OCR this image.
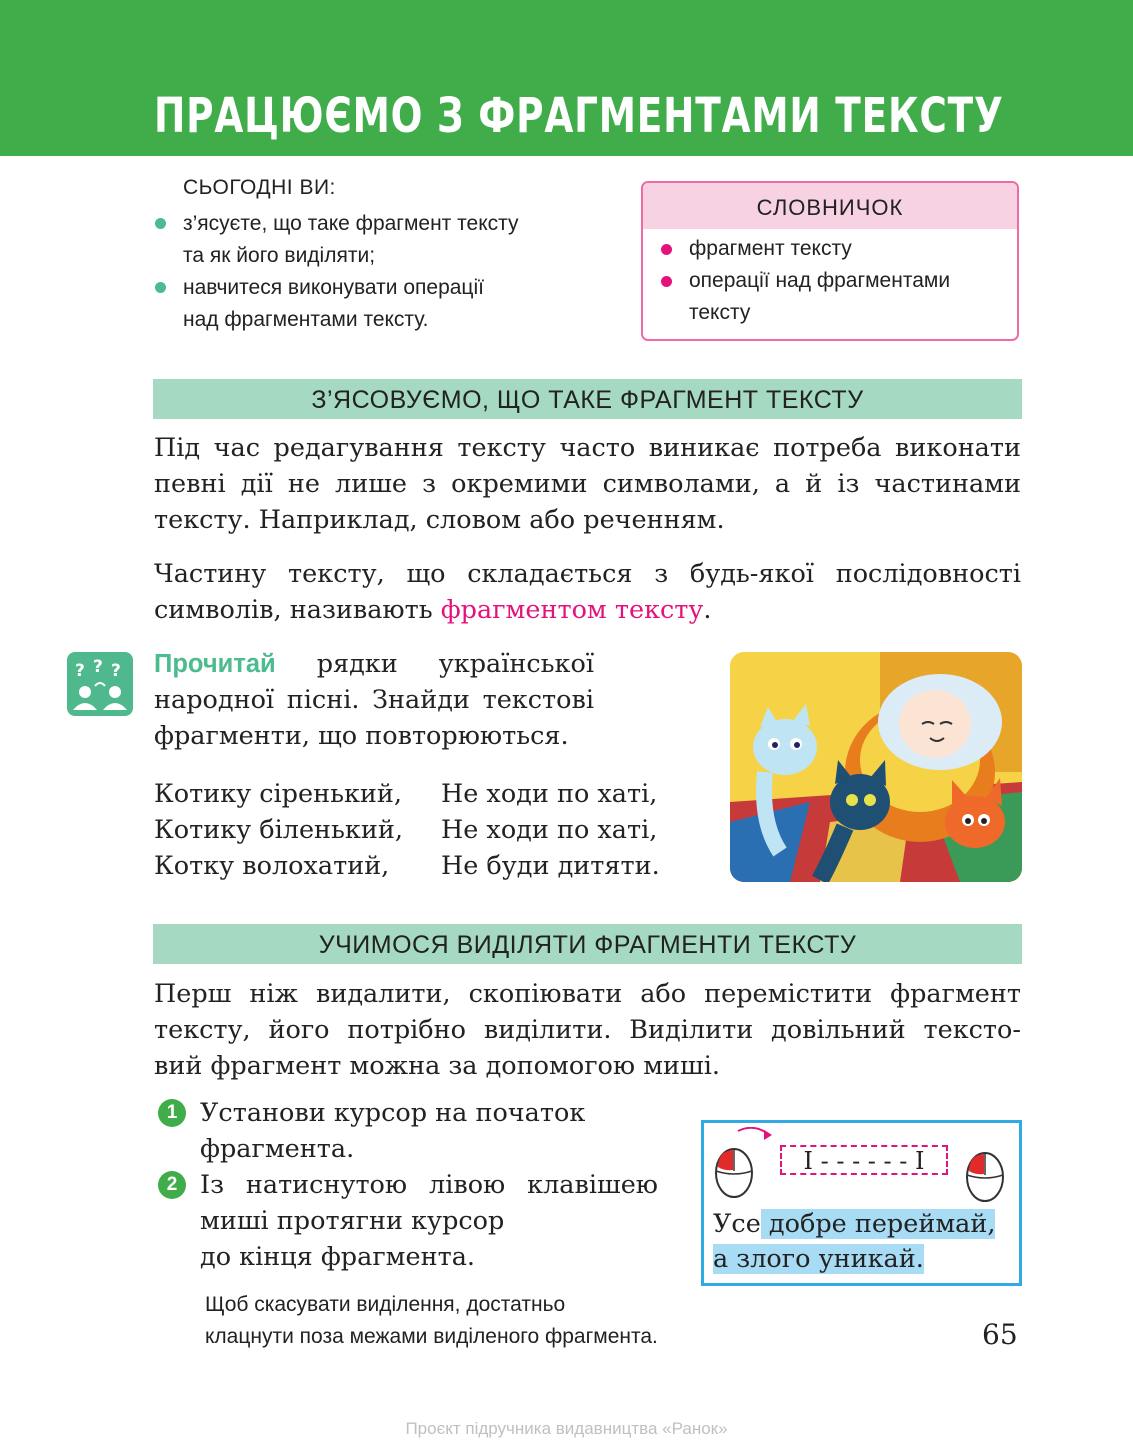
ПРАЦЮЄМО З ФРАГМЕНТАМИ ТЕКСТУ
СЬОГОДНІ ВИ:
з’ясуєте, що таке фрагмент тексту
та як його виділяти;
навчитеся виконувати операції
над фрагментами тексту.
СЛОВНИЧОК
фрагмент тексту
операції над фрагментами
тексту
З’ЯСОВУЄМО, ЩО ТАКЕ ФРАГМЕНТ ТЕКСТУ
Під час редагування тексту часто виникає потреба виконати
певні дії не лише з окремими символами, а й із частинами
тексту. Наприклад, словом або реченням.
Частину тексту, що складається з будь-якої послідовності
символів, називають фрагментом тексту.
? ? ? Прочитай рядки української
народної пісні. Знайди текстові
фрагменти, що повторюються.
Котику сіренький, Не ходи по хаті,
Котику біленький, Не ходи по хаті,
Котку волохатий, Не буди дитяти.
УЧИМОСЯ ВИДІЛЯТИ ФРАГМЕНТИ ТЕКСТУ
Перш ніж видалити, скопіювати або перемістити фрагмент
тексту, його потрібно виділити. Виділити довільний тексто-
вий фрагмент можна за допомогою миші.
1 Установи курсор на початок
фрагмента.
2 Із натиснутою лівою клавішею
миші протягни курсор
до кінця фрагмента.
Щоб скасувати виділення, достатньо
клацнути поза межами виділеного фрагмента.
I - - - - - - I
Усе добре переймай,
а злого уникай.
65
Проєкт підручника видавництва «Ранок»
